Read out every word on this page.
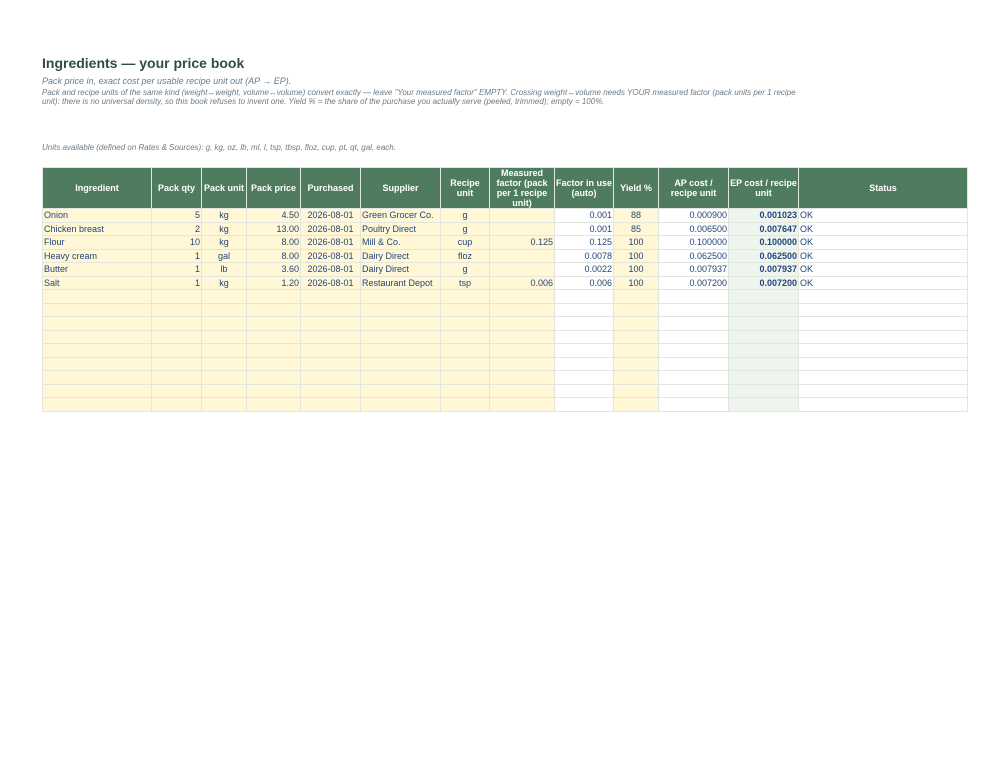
Ingredients — your price book
Pack price in, exact cost per usable recipe unit out (AP → EP).
Pack and recipe units of the same kind (weight↔weight, volume↔volume) convert exactly — leave "Your measured factor" EMPTY. Crossing weight↔volume needs YOUR measured factor (pack units per 1 recipe unit): there is no universal density, so this book refuses to invent one. Yield % = the share of the purchase you actually serve (peeled, trimmed); empty = 100%.
Units available (defined on Rates & Sources): g, kg, oz, lb, ml, l, tsp, tbsp, floz, cup, pt, qt, gal, each.
Ingredient	Pack qty	Pack unit	Pack price	Purchased	Supplier	Recipe unit	Measured factor (pack per 1 recipe unit)	Factor in use (auto)	Yield %	AP cost / recipe unit	EP cost / recipe unit	Status
Onion	5	kg	4.50	2026-08-01	Green Grocer Co.	g		0.001	88	0.000900	0.001023	OK
Chicken breast	2	kg	13.00	2026-08-01	Poultry Direct	g		0.001	85	0.006500	0.007647	OK
Flour	10	kg	8.00	2026-08-01	Mill & Co.	cup	0.125	0.125	100	0.100000	0.100000	OK
Heavy cream	1	gal	8.00	2026-08-01	Dairy Direct	floz		0.0078	100	0.062500	0.062500	OK
Butter	1	lb	3.60	2026-08-01	Dairy Direct	g		0.0022	100	0.007937	0.007937	OK
Salt	1	kg	1.20	2026-08-01	Restaurant Depot	tsp	0.006	0.006	100	0.007200	0.007200	OK
